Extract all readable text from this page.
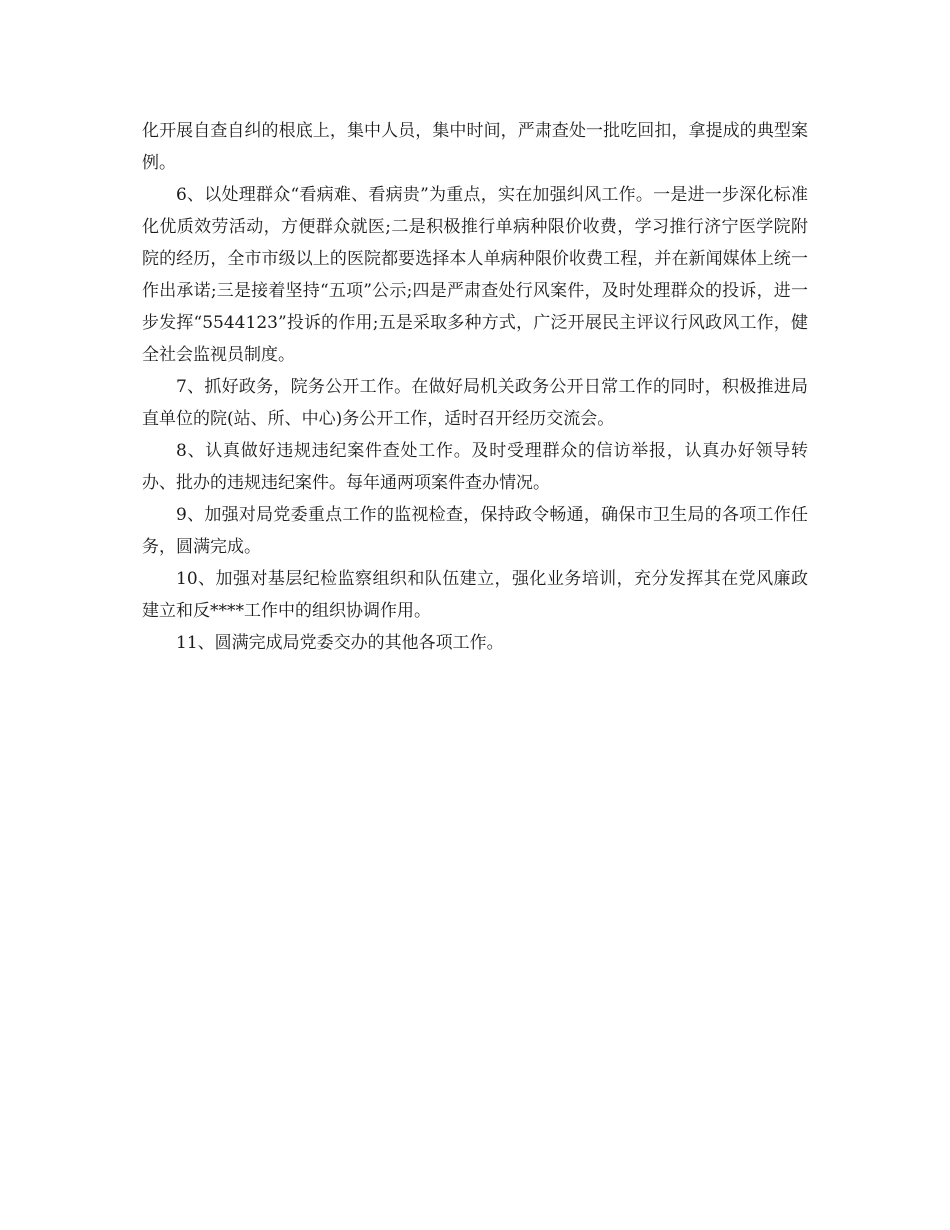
化开展自查自纠的根底上，集中人员，集中时间，严肃查处一批吃回扣，拿提成的典型案例。

6、以处理群众“看病难、看病贵”为重点，实在加强纠风工作。一是进一步深化标准化优质效劳活动，方便群众就医;二是积极推行单病种限价收费，学习推行济宁医学院附院的经历，全市市级以上的医院都要选择本人单病种限价收费工程，并在新闻媒体上统一作出承诺;三是接着坚持“五项”公示;四是严肃查处行风案件，及时处理群众的投诉，进一步发挥“5544123”投诉的作用;五是采取多种方式，广泛开展民主评议行风政风工作，健全社会监视员制度。

7、抓好政务，院务公开工作。在做好局机关政务公开日常工作的同时，积极推进局直单位的院(站、所、中心)务公开工作，适时召开经历交流会。

8、认真做好违规违纪案件查处工作。及时受理群众的信访举报，认真办好领导转办、批办的违规违纪案件。每年通两项案件查办情况。

9、加强对局党委重点工作的监视检查，保持政令畅通，确保市卫生局的各项工作任务，圆满完成。

10、加强对基层纪检监察组织和队伍建立，强化业务培训，充分发挥其在党风廉政建立和反****工作中的组织协调作用。

11、圆满完成局党委交办的其他各项工作。
